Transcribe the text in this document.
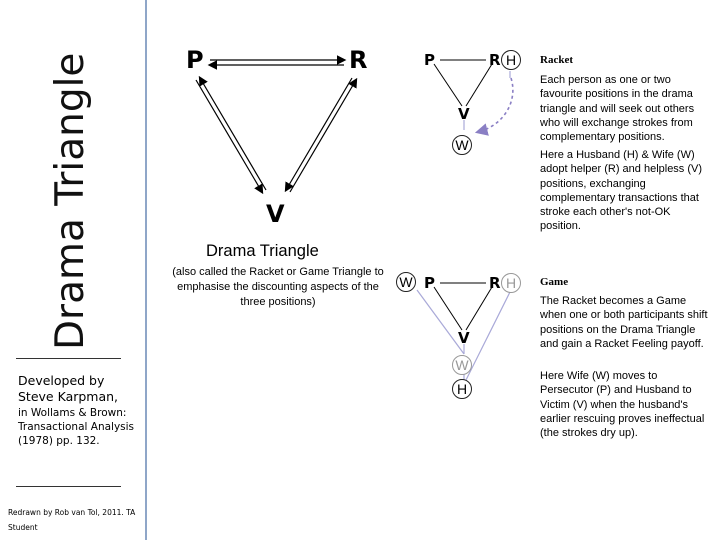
Drama Triangle
Developed by Steve Karpman,
in Wollams & Brown: Transactional Analysis (1978) pp. 132.
Redrawn by Rob van Tol, 2011. TA Student
P	R
V
Drama Triangle
(also called the Racket or Game Triangle to emphasise the discounting aspects of the three positions)
P	R H
V
W
Racket
Each person as one or two favourite positions in the drama triangle and will seek out others who will exchange strokes from complementary positions.
Here a Husband (H) & Wife (W) adopt helper (R) and helpless (V) positions, exchanging complementary transactions that stroke each other's not-OK position.
W P	R H
V
W
H
Game
The Racket becomes a Game when one or both participants shift positions on the Drama Triangle and gain a Racket Feeling payoff.
Here Wife (W) moves to Persecutor (P) and Husband to Victim (V) when the husband's earlier rescuing proves ineffectual (the strokes dry up).
